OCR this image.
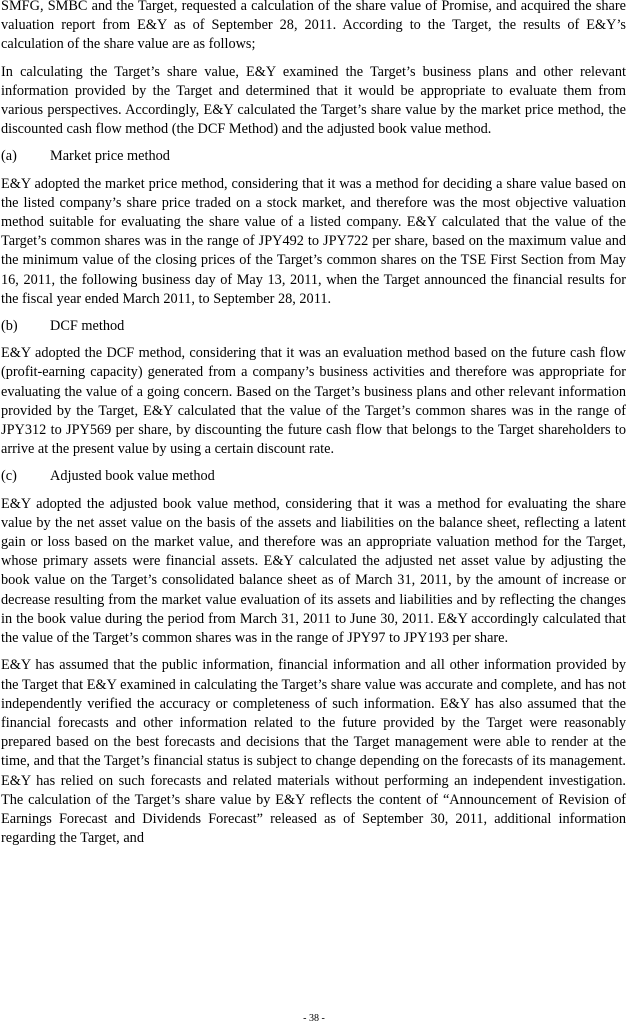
SMFG, SMBC and the Target, requested a calculation of the share value of Promise, and acquired the share valuation report from E&Y as of September 28, 2011. According to the Target, the results of E&Y’s calculation of the share value are as follows;

In calculating the Target’s share value, E&Y examined the Target’s business plans and other relevant information provided by the Target and determined that it would be appropriate to evaluate them from various perspectives. Accordingly, E&Y calculated the Target’s share value by the market price method, the discounted cash flow method (the DCF Method) and the adjusted book value method.

(a)	Market price method

E&Y adopted the market price method, considering that it was a method for deciding a share value based on the listed company’s share price traded on a stock market, and therefore was the most objective valuation method suitable for evaluating the share value of a listed company. E&Y calculated that the value of the Target’s common shares was in the range of JPY492 to JPY722 per share, based on the maximum value and the minimum value of the closing prices of the Target’s common shares on the TSE First Section from May 16, 2011, the following business day of May 13, 2011, when the Target announced the financial results for the fiscal year ended March 2011, to September 28, 2011.

(b)	DCF method

E&Y adopted the DCF method, considering that it was an evaluation method based on the future cash flow (profit-earning capacity) generated from a company’s business activities and therefore was appropriate for evaluating the value of a going concern. Based on the Target’s business plans and other relevant information provided by the Target, E&Y calculated that the value of the Target’s common shares was in the range of JPY312 to JPY569 per share, by discounting the future cash flow that belongs to the Target shareholders to arrive at the present value by using a certain discount rate.

(c)	Adjusted book value method

E&Y adopted the adjusted book value method, considering that it was a method for evaluating the share value by the net asset value on the basis of the assets and liabilities on the balance sheet, reflecting a latent gain or loss based on the market value, and therefore was an appropriate valuation method for the Target, whose primary assets were financial assets. E&Y calculated the adjusted net asset value by adjusting the book value on the Target’s consolidated balance sheet as of March 31, 2011, by the amount of increase or decrease resulting from the market value evaluation of its assets and liabilities and by reflecting the changes in the book value during the period from March 31, 2011 to June 30, 2011. E&Y accordingly calculated that the value of the Target’s common shares was in the range of JPY97 to JPY193 per share.

E&Y has assumed that the public information, financial information and all other information provided by the Target that E&Y examined in calculating the Target’s share value was accurate and complete, and has not independently verified the accuracy or completeness of such information. E&Y has also assumed that the financial forecasts and other information related to the future provided by the Target were reasonably prepared based on the best forecasts and decisions that the Target management were able to render at the time, and that the Target’s financial status is subject to change depending on the forecasts of its management. E&Y has relied on such forecasts and related materials without performing an independent investigation. The calculation of the Target’s share value by E&Y reflects the content of “Announcement of Revision of Earnings Forecast and Dividends Forecast” released as of September 30, 2011, additional information regarding the Target, and

- 38 -
